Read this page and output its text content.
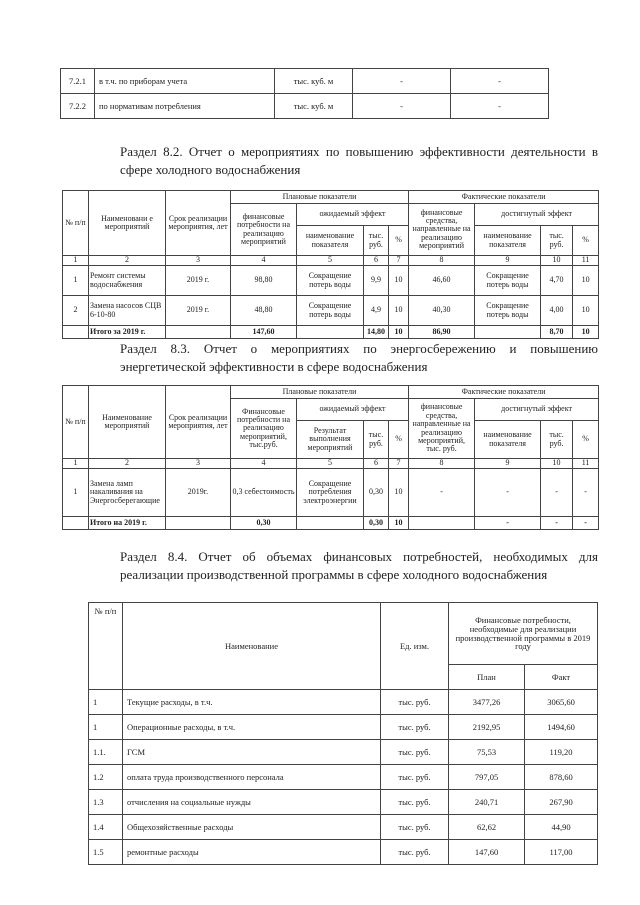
7.2.1	в т.ч. по приборам учета	тыс. куб. м	-	-
7.2.2	по нормативам потребления	тыс. куб. м	-	-
Раздел 8.2. Отчет о мероприятиях по повышению эффективности деятельности в сфере холодного водоснабжения
№ п/п	Наименовани е мероприятий	Срок реализации мероприятия, лет	Плановые показатели				Фактические показатели			
			финансовые потребности на реализацию мероприятий	ожидаемый эффект			финансовые средства, направленные на реализацию мероприятий	достигнутый эффект		
				наименование показателя	тыс. руб.	%		наименование показателя	тыс. руб.	%
1	2	3	4	5	6	7	8	9	10	11
1	Ремонт системы водоснабжения	2019 г.	98,80	Сокращение потерь воды	9,9	10	46,60	Сокращение потерь воды	4,70	10
2	Замена насосов СЦВ 6-10-80	2019 г.	48,80	Сокращение потерь воды	4,9	10	40,30	Сокращение потерь воды	4,00	10
	Итого за 2019 г.		147,60		14,80	10	86,90		8,70	10
Раздел 8.3. Отчет о мероприятиях по энергосбережению и повышению энергетической эффективности в сфере водоснабжения
№ п/п	Наименование мероприятий	Срок реализации мероприятия, лет	Плановые показатели				Фактические показатели			
			Финансовые потребности на реализацию мероприятий, тыс.руб.	ожидаемый эффект			финансовые средства, направленные на реализацию мероприятий, тыс. руб.	достигнутый эффект		
				Результат выполнения мероприятий	тыс. руб.	%		наименование показателя	тыс. руб.	%
1	2	3	4	5	6	7	8	9	10	11
1	Замена ламп накаливания на Энергосберегающие	2019г.	0,3 себестоимость	Сокращение потребления электроэнергии	0,30	10	-	-	-	-
	Итого на 2019 г.		0,30		0,30	10		-	-	-
Раздел 8.4. Отчет об объемах финансовых потребностей, необходимых для реализации производственной программы в сфере холодного водоснабжения
№ п/п	Наименование	Ед. изм.	Финансовые потребности, необходимые для реализации производственной программы в 2019 году	
			План	Факт
1	Текущие расходы, в т.ч.	тыс. руб.	3477,26	3065,60
1	Операционные расходы, в т.ч.	тыс. руб.	2192,95	1494,60
1.1.	ГСМ	тыс. руб.	75,53	119,20
1.2	оплата труда производственного персонала	тыс. руб.	797,05	878,60
1.3	отчисления на социальные нужды	тыс. руб.	240,71	267,90
1.4	Общехозяйственные расходы	тыс. руб.	62,62	44,90
1.5	ремонтные расходы	тыс. руб.	147,60	117,00
